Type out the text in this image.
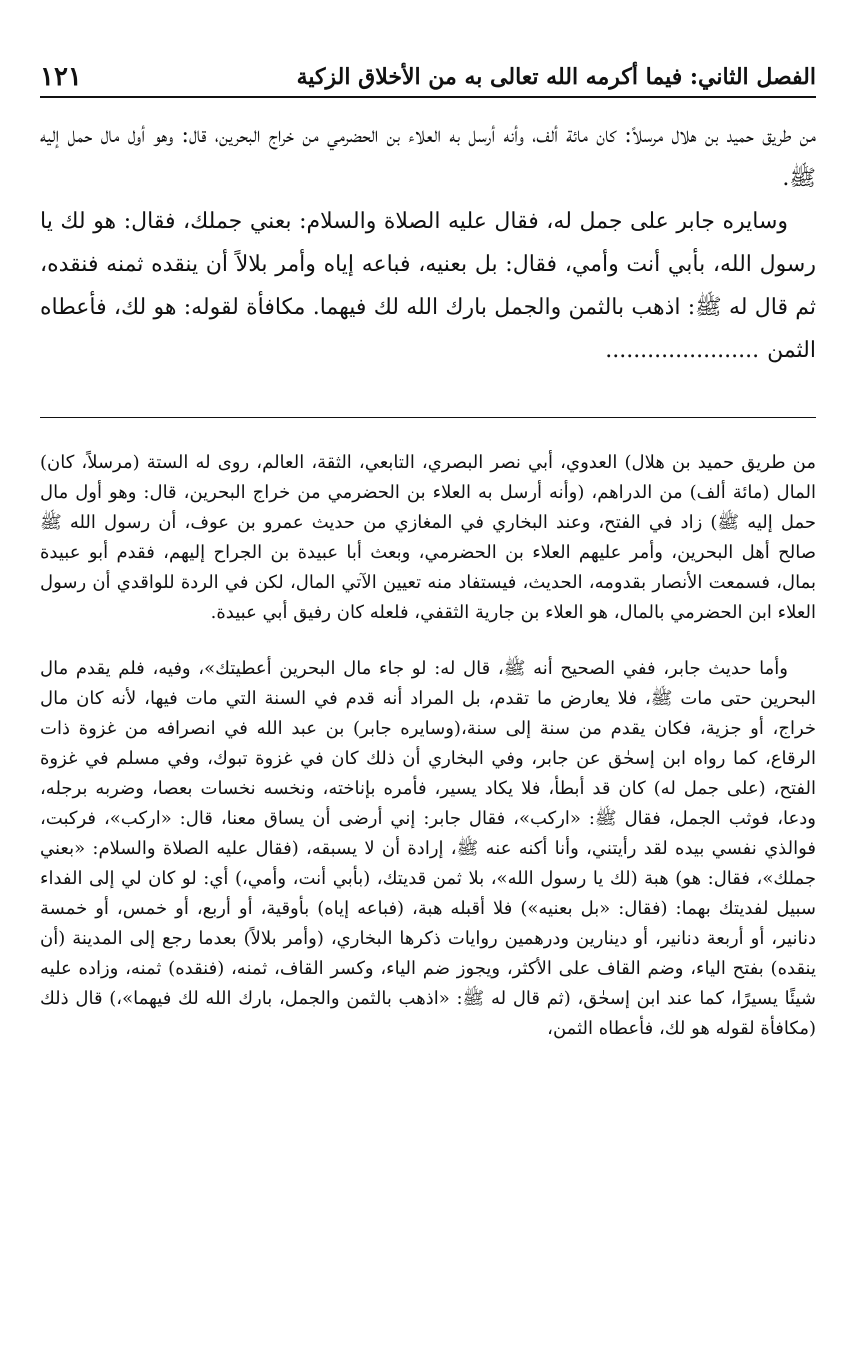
الفصل الثاني: فيما أكرمه الله تعالى به من الأخلاق الزكية
١٢١

من طريق حميد بن هلال مرسلاً: كان مائة ألف، وأنه أرسل به العلاء بن الحضرمي من خراج البحرين، قال: وهو أول مال حمل إليه ﷺ.

وسايره جابر على جمل له، فقال عليه الصلاة والسلام: بعني جملك، فقال: هو لك يا رسول الله، بأبي أنت وأمي، فقال: بل بعنيه، فباعه إياه وأمر بلالاً أن ينقده ثمنه فنقده، ثم قال له ﷺ: اذهب بالثمن والجمل بارك الله لك فيهما. مكافأة لقوله: هو لك، فأعطاه الثمن......................

من طريق حميد بن هلال) العدوي، أبي نصر البصري، التابعي، الثقة، العالم، روى له الستة (مرسلاً، كان) المال (مائة ألف) من الدراهم، (وأنه أرسل به العلاء بن الحضرمي من خراج البحرين، قال: وهو أول مال حمل إليه ﷺ) زاد في الفتح، وعند البخاري في المغازي من حديث عمرو بن عوف، أن رسول الله ﷺ صالح أهل البحرين، وأمر عليهم العلاء بن الحضرمي، وبعث أبا عبيدة بن الجراح إليهم، فقدم أبو عبيدة بمال، فسمعت الأنصار بقدومه، الحديث، فيستفاد منه تعيين الآتي المال، لكن في الردة للواقدي أن رسول العلاء ابن الحضرمي بالمال، هو العلاء بن جارية الثقفي، فلعله كان رفيق أبي عبيدة.

وأما حديث جابر، ففي الصحيح أنه ﷺ، قال له: لو جاء مال البحرين أعطيتك»، وفيه، فلم يقدم مال البحرين حتى مات ﷺ، فلا يعارض ما تقدم، بل المراد أنه قدم في السنة التي مات فيها، لأنه كان مال خراج، أو جزية، فكان يقدم من سنة إلى سنة،(وسايره جابر) بن عبد الله في انصرافه من غزوة ذات الرقاع، كما رواه ابن إسحٰق عن جابر، وفي البخاري أن ذلك كان في غزوة تبوك، وفي مسلم في غزوة الفتح، (على جمل له) كان قد أبطأ، فلا يكاد يسير، فأمره بإناخته، ونخسه نخسات بعصا، وضربه برجله، ودعا، فوثب الجمل، فقال ﷺ: «اركب»، فقال جابر: إني أرضى أن يساق معنا، قال: «اركب»، فركبت، فوالذي نفسي بيده لقد رأيتني، وأنا أكنه عنه ﷺ، إرادة أن لا يسبقه، (فقال عليه الصلاة والسلام: «بعني جملك»، فقال: هو) هبة (لك يا رسول الله»، بلا ثمن قديتك، (بأبي أنت، وأمي،) أي: لو كان لي إلى الفداء سبيل لفديتك بهما: (فقال: «بل بعنيه») فلا أقبله هبة، (فباعه إياه) بأوقية، أو أربع، أو خمس، أو خمسة دنانير، أو أربعة دنانير، أو دينارين ودرهمين روايات ذكرها البخاري، (وأمر بلالاً) بعدما رجع إلى المدينة (أن ينقده) بفتح الياء، وضم القاف على الأكثر، ويجوز ضم الياء، وكسر القاف، ثمنه، (فنقده) ثمنه، وزاده عليه شيئًا يسيرًا، كما عند ابن إسحٰق، (ثم قال له ﷺ: «اذهب بالثمن والجمل، بارك الله لك فيهما»،) قال ذلك (مكافأة لقوله هو لك، فأعطاه الثمن،
